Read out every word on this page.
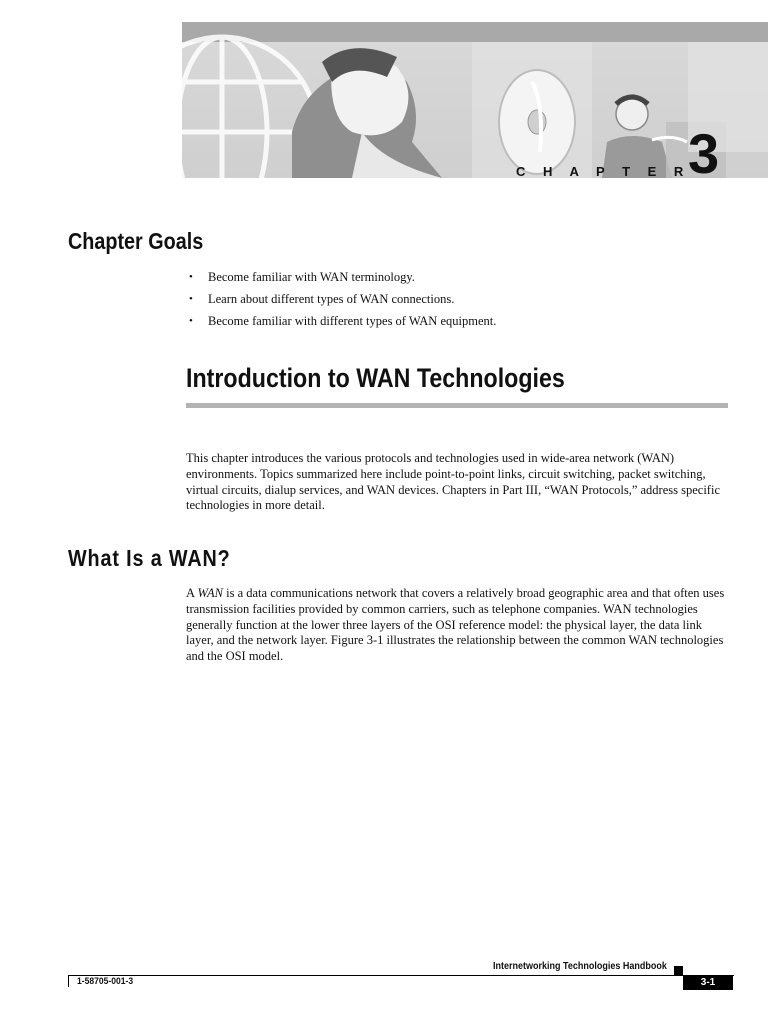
C H A P T E R
3
Chapter Goals
• Become familiar with WAN terminology.
• Learn about different types of WAN connections.
• Become familiar with different types of WAN equipment.
Introduction to WAN Technologies

This chapter introduces the various protocols and technologies used in wide-area network (WAN) environments. Topics summarized here include point-to-point links, circuit switching, packet switching, virtual circuits, dialup services, and WAN devices. Chapters in Part III, “WAN Protocols,” address specific technologies in more detail.

What Is a WAN?

A WAN is a data communications network that covers a relatively broad geographic area and that often uses transmission facilities provided by common carriers, such as telephone companies. WAN technologies generally function at the lower three layers of the OSI reference model: the physical layer, the data link layer, and the network layer. Figure 3-1 illustrates the relationship between the common WAN technologies and the OSI model.

Internetworking Technologies Handbook
1-58705-001-3	3-1
